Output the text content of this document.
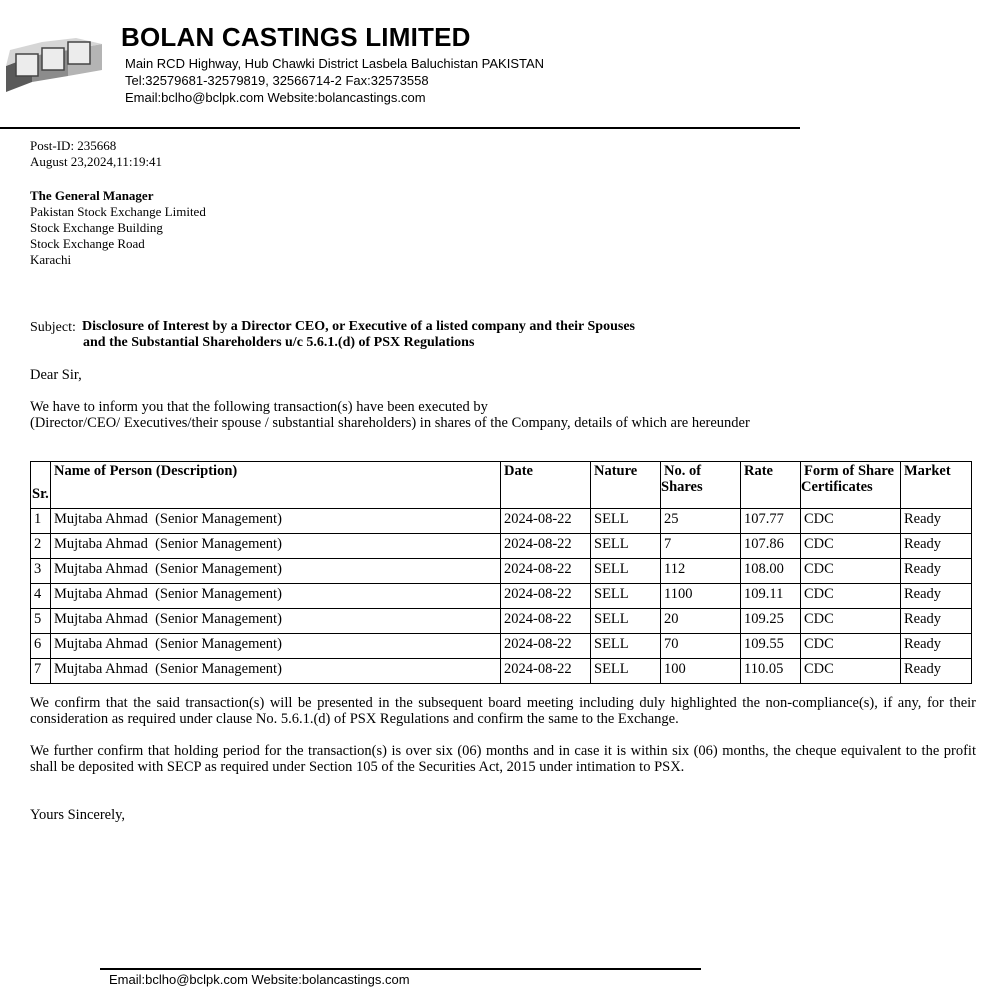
BOLAN CASTINGS LIMITED
Main RCD Highway, Hub Chawki District Lasbela Baluchistan PAKISTAN
Tel:32579681-32579819, 32566714-2 Fax:32573558
Email:bclho@bclpk.com Website:bolancastings.com
Post-ID: 235668
August 23,2024,11:19:41
The General Manager
Pakistan Stock Exchange Limited
Stock Exchange Building
Stock Exchange Road
Karachi
Subject: Disclosure of Interest by a Director CEO, or Executive of a listed company and their Spouses
and the Substantial Shareholders u/c 5.6.1.(d) of PSX Regulations
Dear Sir,
We have to inform you that the following transaction(s) have been executed by
(Director/CEO/ Executives/their spouse / substantial shareholders) in shares of the Company, details of which are hereunder
Sr.	Name of Person (Description)	Date	Nature	No. of
Shares	Rate	Form of Share
Certificates	Market
1	Mujtaba Ahmad  (Senior Management)	2024-08-22	SELL	25	107.77	CDC	Ready
2	Mujtaba Ahmad  (Senior Management)	2024-08-22	SELL	7	107.86	CDC	Ready
3	Mujtaba Ahmad  (Senior Management)	2024-08-22	SELL	112	108.00	CDC	Ready
4	Mujtaba Ahmad  (Senior Management)	2024-08-22	SELL	1100	109.11	CDC	Ready
5	Mujtaba Ahmad  (Senior Management)	2024-08-22	SELL	20	109.25	CDC	Ready
6	Mujtaba Ahmad  (Senior Management)	2024-08-22	SELL	70	109.55	CDC	Ready
7	Mujtaba Ahmad  (Senior Management)	2024-08-22	SELL	100	110.05	CDC	Ready
We confirm that the said transaction(s) will be presented in the subsequent board meeting including duly highlighted the non-compliance(s), if any, for their consideration as required under clause No. 5.6.1.(d) of PSX Regulations and confirm the same to the Exchange.
We further confirm that holding period for the transaction(s) is over six (06) months and in case it is within six (06) months, the cheque equivalent to the profit shall be deposited with SECP as required under Section 105 of the Securities Act, 2015 under intimation to PSX.
Yours Sincerely,
Email:bclho@bclpk.com Website:bolancastings.com
